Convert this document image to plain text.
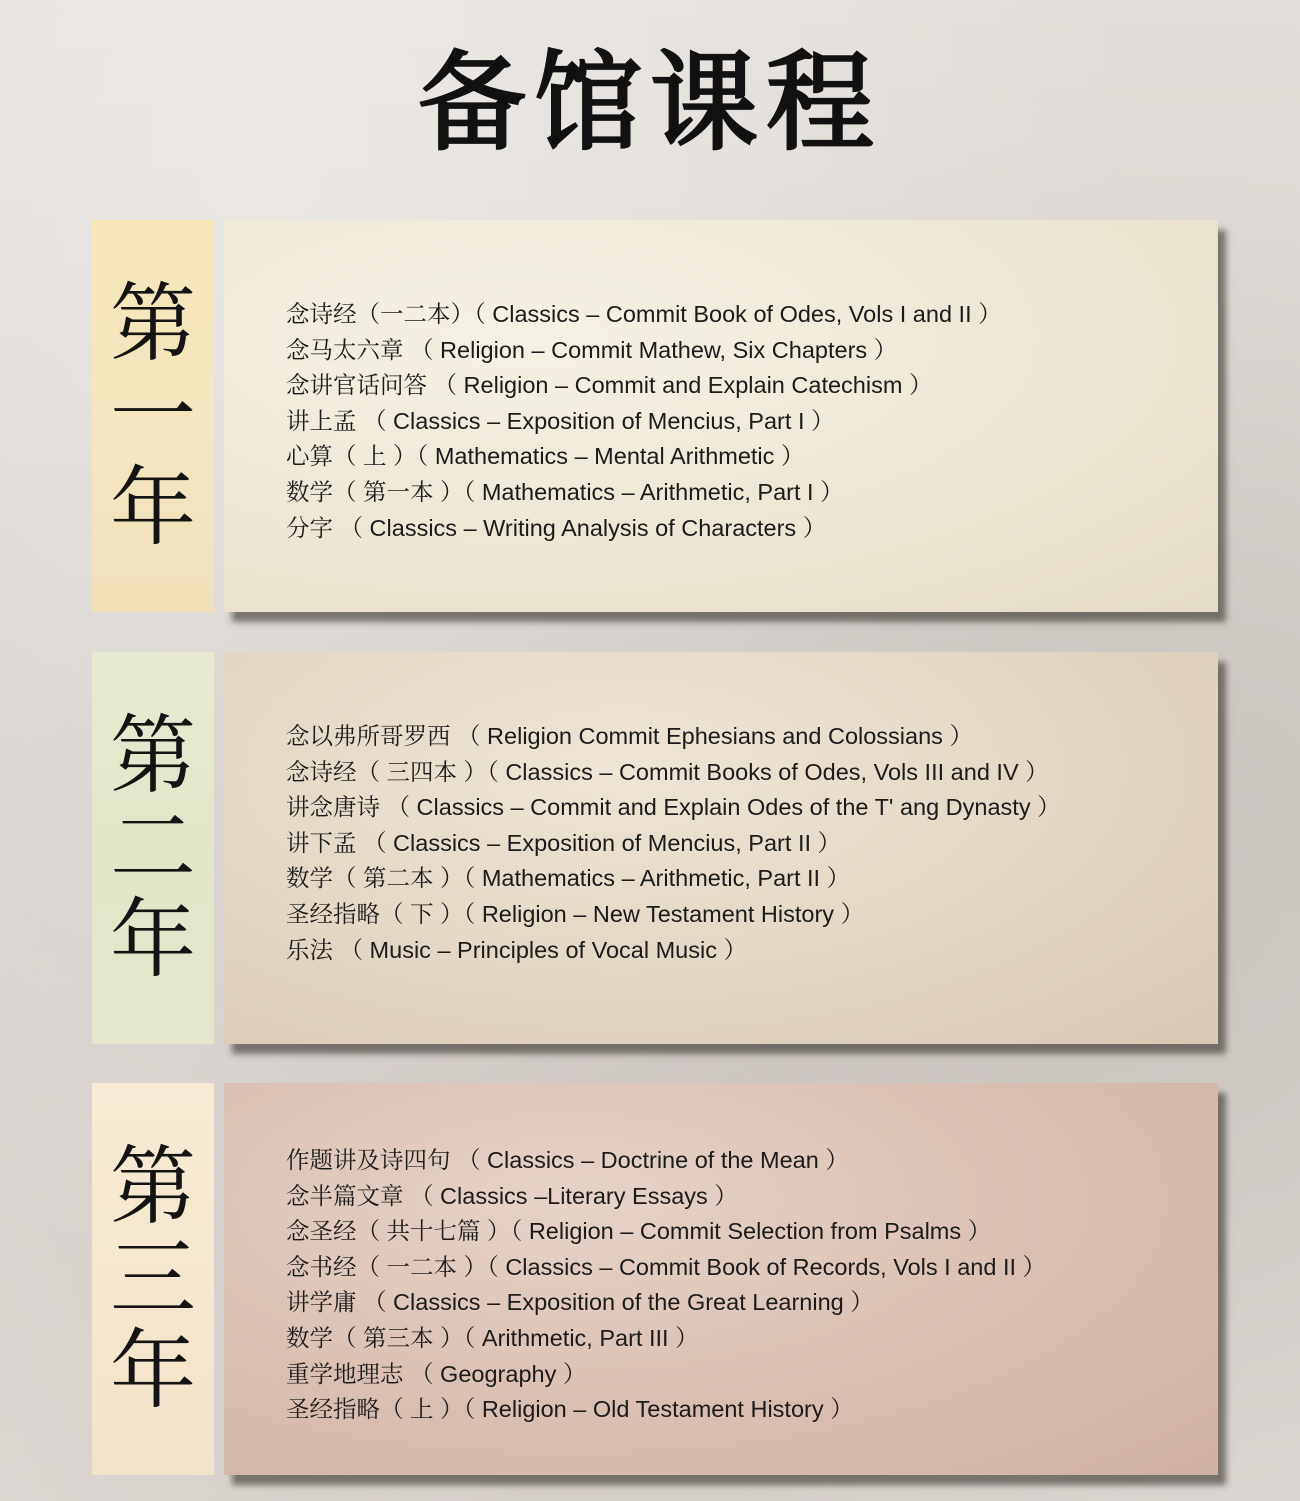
备馆课程
第
一
年
念诗经（一二本）（ Classics – Commit Book of Odes, Vols I and II ）
念马太六章 （ Religion – Commit Mathew, Six Chapters ）
念讲官话问答 （ Religion – Commit and Explain Catechism ）
讲上孟 （ Classics – Exposition of Mencius, Part I ）
心算（ 上 ）（ Mathematics – Mental Arithmetic ）
数学（ 第一本 ）（ Mathematics – Arithmetic, Part I ）
分字 （ Classics – Writing Analysis of Characters ）
第
二
年
念以弗所哥罗西 （ Religion Commit Ephesians and Colossians ）
念诗经（ 三四本 ）（ Classics – Commit Books of Odes, Vols III and IV ）
讲念唐诗 （ Classics – Commit and Explain Odes of the T' ang Dynasty ）
讲下孟 （ Classics – Exposition of Mencius, Part II ）
数学（ 第二本 ）（ Mathematics – Arithmetic, Part II ）
圣经指略（ 下 ）（ Religion – New Testament History ）
乐法 （ Music – Principles of Vocal Music ）
第
三
年
作题讲及诗四句 （ Classics – Doctrine of the Mean ）
念半篇文章 （ Classics –Literary Essays ）
念圣经（ 共十七篇 ）（ Religion – Commit Selection from Psalms ）
念书经（ 一二本 ）（ Classics – Commit Book of Records, Vols I and II ）
讲学庸 （ Classics – Exposition of the Great Learning ）
数学（ 第三本 ）（ Arithmetic, Part III ）
重学地理志 （ Geography ）
圣经指略（ 上 ）（ Religion – Old Testament History ）
